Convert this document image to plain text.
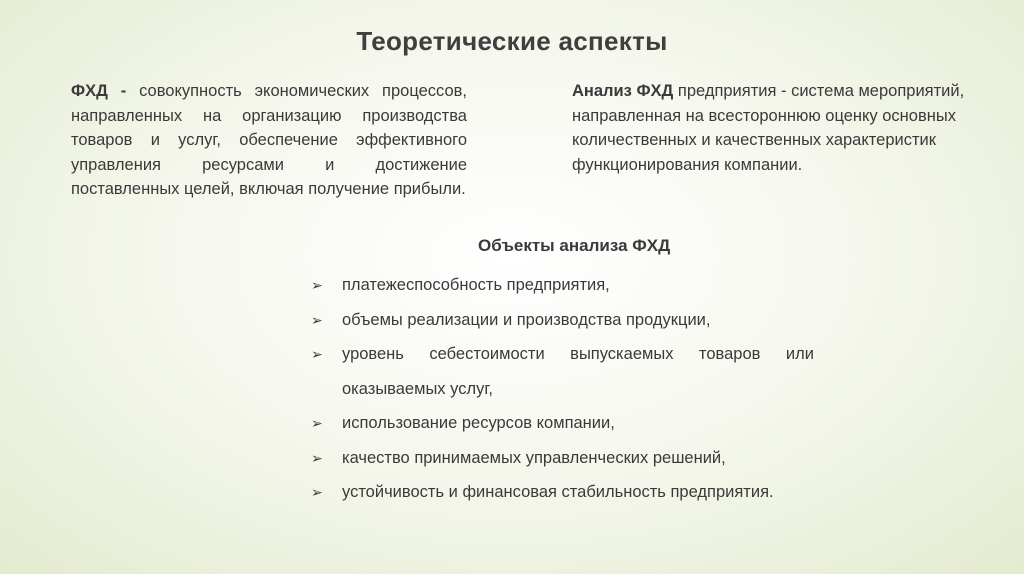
Теоретические аспекты
ФХД - совокупность экономических процессов, направленных на организацию производства товаров и услуг, обеспечение эффективного управления ресурсами и достижение поставленных целей, включая получение прибыли.
Анализ ФХД предприятия - система мероприятий, направленная на всестороннюю оценку основных количественных и качественных характеристик функционирования компании.
Объекты анализа ФХД
➢ платежеспособность предприятия,
➢ объемы реализации и производства продукции,
➢ уровень себестоимости выпускаемых товаров или оказываемых услуг,
➢ использование ресурсов компании,
➢ качество принимаемых управленческих решений,
➢ устойчивость и финансовая стабильность предприятия.
